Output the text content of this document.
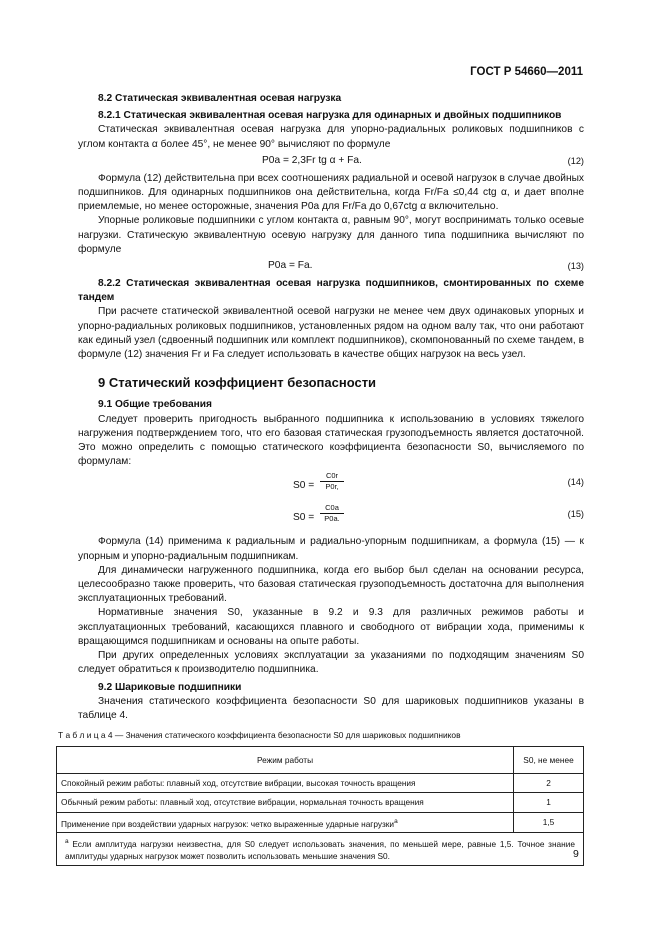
ГОСТ Р 54660—2011

8.2 Статическая эквивалентная осевая нагрузка

8.2.1 Статическая эквивалентная осевая нагрузка для одинарных и двойных подшипников

Статическая эквивалентная осевая нагрузка для упорно-радиальных роликовых подшипников с углом контакта α более 45°, не менее 90° вычисляют по формуле

P0a = 2,3Fr tg α + Fa.	(12)

Формула (12) действительна при всех соотношениях радиальной и осевой нагрузок в случае двойных подшипников. Для одинарных подшипников она действительна, когда Fr/Fa ≤0,44 ctg α, и дает вполне приемлемые, но менее осторожные, значения P0a для Fr/Fa до 0,67ctg α включительно.

Упорные роликовые подшипники с углом контакта α, равным 90°, могут воспринимать только осевые нагрузки. Статическую эквивалентную осевую нагрузку для данного типа подшипника вычисляют по формуле

P0a = Fa.	(13)

8.2.2 Статическая эквивалентная осевая нагрузка подшипников, смонтированных по схеме тандем

При расчете статической эквивалентной осевой нагрузки не менее чем двух одинаковых упорных и упорно-радиальных роликовых подшипников, установленных рядом на одном валу так, что они работают как единый узел (сдвоенный подшипник или комплект подшипников), скомпонованный по схеме тандем, в формуле (12) значения Fr и Fa следует использовать в качестве общих нагрузок на весь узел.

9 Статический коэффициент безопасности

9.1 Общие требования

Следует проверить пригодность выбранного подшипника к использованию в условиях тяжелого нагружения подтверждением того, что его базовая статическая грузоподъемность является достаточной. Это можно определить с помощью статического коэффициента безопасности S0, вычисляемого по формулам:

$S0 = \frac{C0r}{P0r,}$	(14)
$S0 = \frac{C0a}{P0a.}$	(15)

Формула (14) применима к радиальным и радиально-упорным подшипникам, а формула (15) — к упорным и упорно-радиальным подшипникам.

Для динамически нагруженного подшипника, когда его выбор был сделан на основании ресурса, целесообразно также проверить, что базовая статическая грузоподъемность достаточна для выполнения эксплуатационных требований.

Нормативные значения S0, указанные в 9.2 и 9.3 для различных режимов работы и эксплуатационных требований, касающихся плавного и свободного от вибрации хода, применимы к вращающимся подшипникам и основаны на опыте работы.

При других определенных условиях эксплуатации за указаниями по подходящим значениям S0 следует обратиться к производителю подшипника.

9.2 Шариковые подшипники

Значения статического коэффициента безопасности S0 для шариковых подшипников указаны в таблице 4.

Т а б л и ц а 4 — Значения статического коэффициента безопасности S0 для шариковых подшипников
Режим работы	S0, не менее
Спокойный режим работы: плавный ход, отсутствие вибрации, высокая точность вращения	2
Обычный режим работы: плавный ход, отсутствие вибрации, нормальная точность вращения	1
Применение при воздействии ударных нагрузок: четко выраженные ударные нагрузки$^a$	1,5
$^а$ Если амплитуда нагрузки неизвестна, для S0 следует использовать значения, по меньшей мере, равные 1,5. Точное знание амплитуды ударных нагрузок может позволить использовать меньшие значения S0.		9
